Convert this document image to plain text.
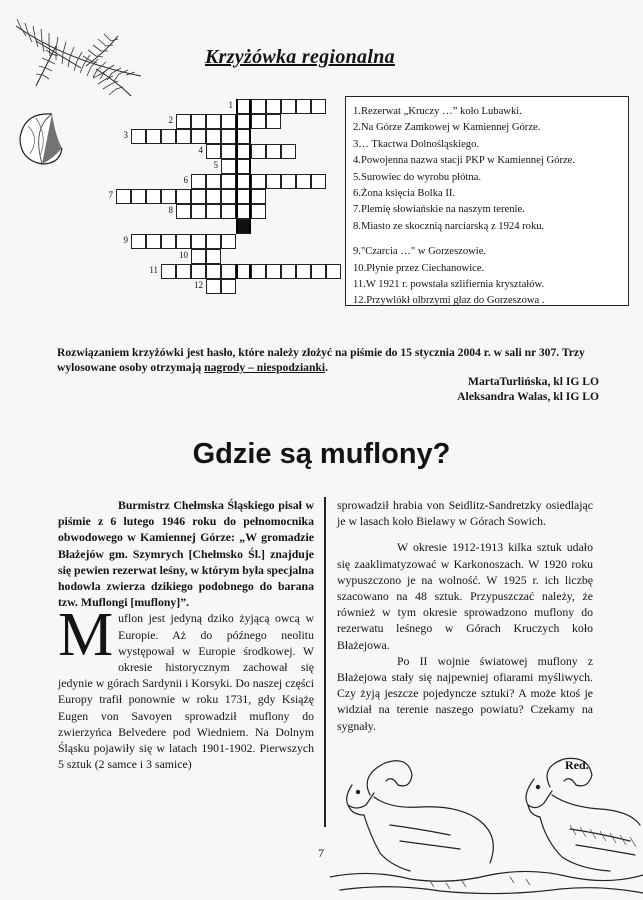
Krzyżówka regionalna
1
2
3
4
5
6
7
8
9
10
11
12
1.Rezerwat „Kruczy …” koło Lubawki.
2.Na Górze Zamkowej w Kamiennej Górze.
3… Tkactwa Dolnośląskiego.
4.Powojenna nazwa stacji PKP w Kamiennej Górze.
5.Surowiec do wyrobu płótna.
6.Żona księcia Bolka II.
7.Plemię słowiańskie na naszym terenie.
8.Miasto ze skocznią narciarską z 1924 roku.
9."Czarcia …" w Gorzeszowie.
10.Płynie przez Ciechanowice.
11.W 1921 r. powstała szlifiernia kryształów.
12.Przywlókł olbrzymi głaz do Gorzeszowa .
Rozwiązaniem krzyżówki jest hasło, które należy złożyć na piśmie do 15 stycznia 2004 r. w sali nr 307. Trzy wylosowane osoby otrzymają nagrody – niespodzianki.
MartaTurlińska, kl IG LO
Aleksandra Walas, kl IG LO
Gdzie są muflony?

Burmistrz Chełmska Śląskiego pisał w piśmie z 6 lutego 1946 roku do pełnomocnika obwodowego w Kamiennej Górze: „W gromadzie Błażejów gm. Szymrych [Chełmsko Śl.] znajduje się pewien rezerwat leśny, w którym była specjalna hodowla zwierza dzikiego podobnego do barana tzw. Muflongi [muflony]”.

Muflon jest jedyną dziko żyjącą owcą w Europie. Aż do późnego neolitu występował w Europie środkowej. W okresie historycznym zachował się jedynie w górach Sardynii i Korsyki. Do naszej części Europy trafił ponownie w roku 1731, gdy Książę Eugen von Savoyen sprowadził muflony do zwierzyńca Belvedere pod Wiedniem. Na Dolnym Śląsku pojawiły się w latach 1901-1902. Pierwszych 5 sztuk (2 samce i 3 samice)

sprowadził hrabia von Seidlitz-Sandretzky osiedlając je w lasach koło Bielawy w Górach Sowich.

W okresie 1912-1913 kilka sztuk udało się zaaklimatyzować w Karkonoszach. W 1920 roku wypuszczono je na wolność. W 1925 r. ich liczbę szacowano na 48 sztuk. Przypuszczać należy, że również w tym okresie sprowadzono muflony do rezerwatu leśnego w Górach Kruczych koło Błażejowa.

Po II wojnie światowej muflony z Błażejowa stały się najpewniej ofiarami myśliwych. Czy żyją jeszcze pojedyncze sztuki? A może ktoś je widział na terenie naszego powiatu? Czekamy na sygnały.

Red.
7
